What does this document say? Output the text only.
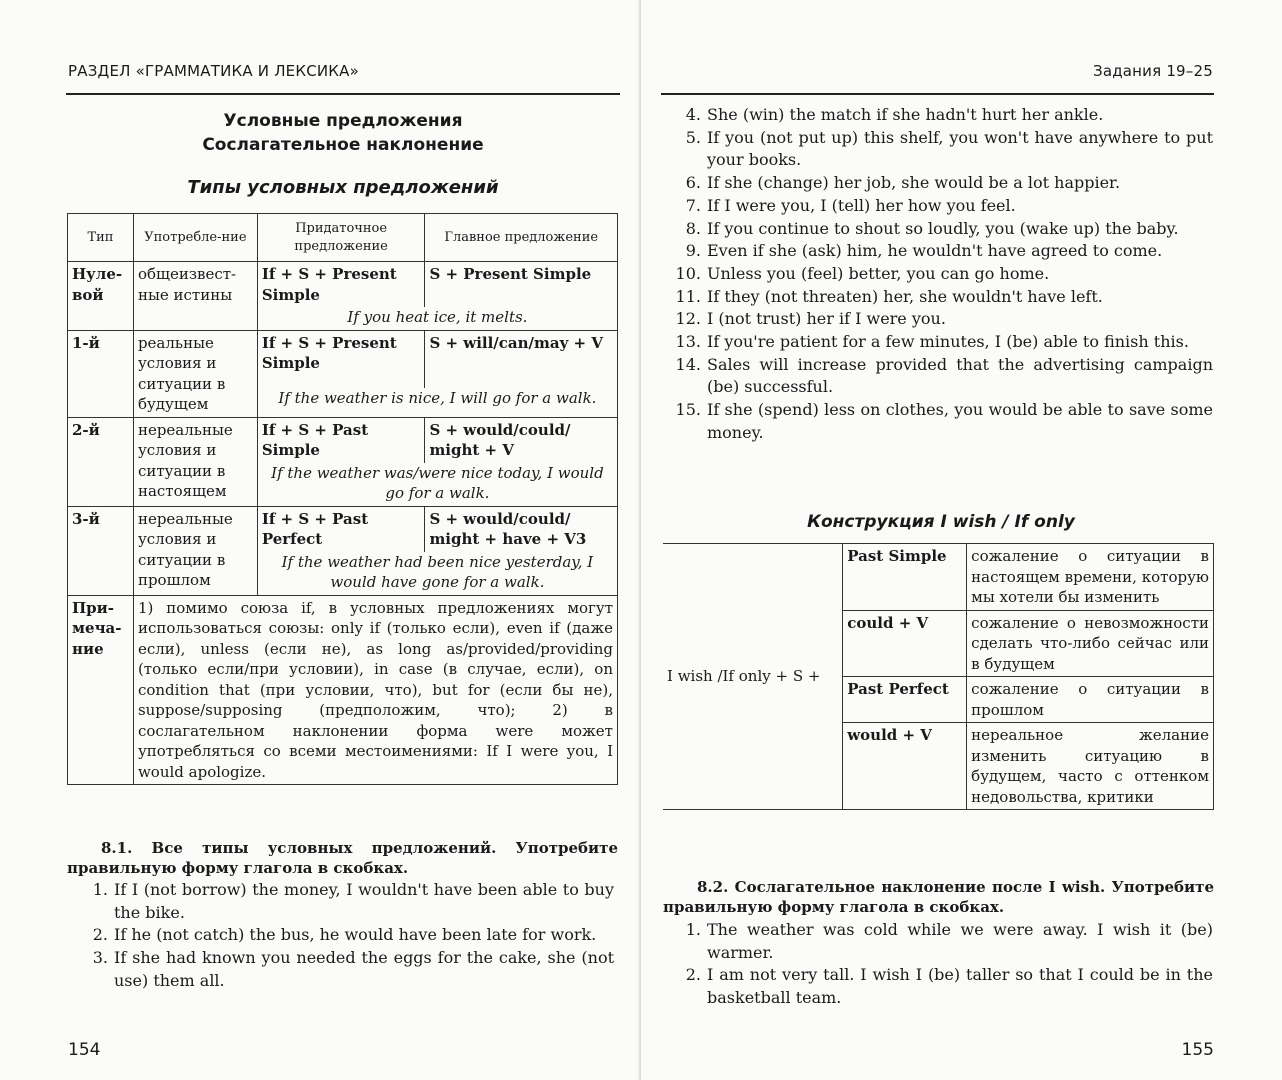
РАЗДЕЛ «ГРАММАТИКА И ЛЕКСИКА»
Условные предложения
Сослагательное наклонение
Типы условных предложений
Тип	Употребле-ние	Придаточное предложение	Главное предложение
Нуле-вой	общеизвест-ные истины	If + S + Present Simple	S + Present Simple
		If you heat ice, it melts.	
1-й	реальные условия и ситуации в будущем	If + S + Present Simple	S + will/can/may + V
		If the weather is nice, I will go for a walk.	
2-й	нереальные условия и ситуации в настоящем	If + S + Past Simple	S + would/could/ might + V
		If the weather was/were nice today, I would go for a walk.	
3-й	нереальные условия и ситуации в прошлом	If + S + Past Perfect	S + would/could/ might + have + V3
		If the weather had been nice yesterday, I would have gone for a walk.	
При-меча-ние	1) помимо союза if, в условных предложениях могут использоваться союзы: only if (только если), even if (даже если), unless (если не), as long as/provided/providing (только если/при условии), in case (в случае, если), on condition that (при условии, что), but for (если бы не), suppose/supposing (предположим, что); 2) в сослагательном наклонении форма were может употребляться со всеми местоимениями: If I were you, I would apologize.		
8.1. Все типы условных предложений. Употребите правильную форму глагола в скобках.
1. If I (not borrow) the money, I wouldn't have been able to buy the bike.
2. If he (not catch) the bus, he would have been late for work.
3. If she had known you needed the eggs for the cake, she (not use) them all.
154
Задания 19–25
4. She (win) the match if she hadn't hurt her ankle.
5. If you (not put up) this shelf, you won't have anywhere to put your books.
6. If she (change) her job, she would be a lot happier.
7. If I were you, I (tell) her how you feel.
8. If you continue to shout so loudly, you (wake up) the baby.
9. Even if she (ask) him, he wouldn't have agreed to come.
10. Unless you (feel) better, you can go home.
11. If they (not threaten) her, she wouldn't have left.
12. I (not trust) her if I were you.
13. If you're patient for a few minutes, I (be) able to finish this.
14. Sales will increase provided that the advertising campaign (be) successful.
15. If she (spend) less on clothes, you would be able to save some money.
Конструкция I wish / If only
I wish /If only + S +	Past Simple	сожаление о ситуации в настоящем времени, которую мы хотели бы изменить
	could + V	сожаление о невозможности сделать что-либо сейчас или в будущем
	Past Perfect	сожаление о ситуации в прошлом
	would + V	нереальное желание изменить ситуацию в будущем, часто с оттенком недовольства, критики
8.2. Сослагательное наклонение после I wish. Употребите правильную форму глагола в скобках.
1. The weather was cold while we were away. I wish it (be) warmer.
2. I am not very tall. I wish I (be) taller so that I could be in the basketball team.
155
